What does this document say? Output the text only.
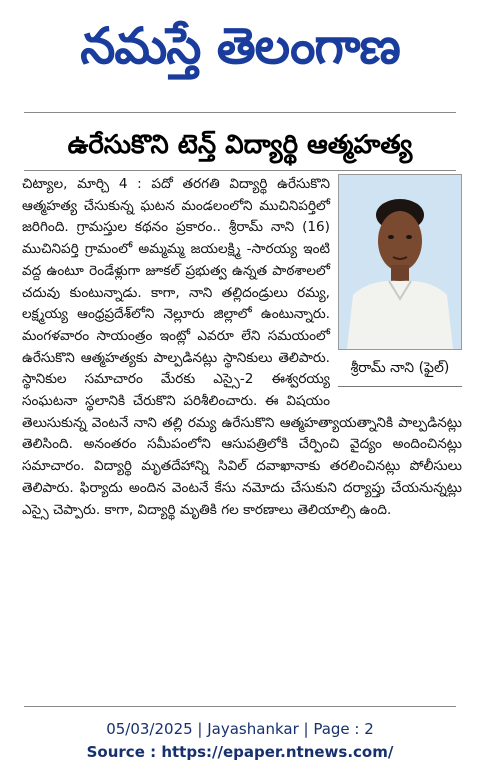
నమస్తే తెలంగాణ
ఉరేసుకొని టెన్త్ విద్యార్థి ఆత్మహత్య
శ్రీరామ్ నాని (ఫైల్)
చిట్యాల, మార్చి 4 : పదో తరగతి విద్యార్థి ఉరేసుకొని ఆత్మహత్య చేసుకున్న ఘటన మండలంలోని ముచినిపర్తిలో జరిగింది. గ్రామస్తుల కథనం ప్రకారం.. శ్రీరామ్ నాని (16) ముచినిపర్తి గ్రామంలో అమ్మమ్మ జయలక్ష్మి -సారయ్య ఇంటి వద్ద ఉంటూ రెండేళ్లుగా జూకల్ ప్రభుత్వ ఉన్నత పాఠశాలలో చదువు కుంటున్నాడు. కాగా, నాని తల్లిదండ్రులు రమ్య, లక్ష్మయ్య ఆంధ్రప్రదేశ్‌లోని నెల్లూరు జిల్లాలో ఉంటున్నారు. మంగళవారం సాయంత్రం ఇంట్లో ఎవరూ లేని సమయంలో ఉరేసుకొని ఆత్మహత్యకు పాల్పడినట్లు స్థానికులు తెలిపారు. స్థానికుల సమాచారం మేరకు ఎస్సై-2 ఈశ్వరయ్య సంఘటనా స్థలానికి చేరుకొని పరిశీలించారు. ఈ విషయం తెలుసుకున్న వెంటనే నాని తల్లి రమ్య ఉరేసుకొని ఆత్మహత్యాయత్నానికి పాల్పడినట్లు తెలిసింది. అనంతరం సమీపంలోని ఆసుపత్రిలోకి చేర్పించి వైద్యం అందించినట్లు సమాచారం. విద్యార్థి మృతదేహాన్ని సివిల్ దవాఖానాకు తరలించినట్లు పోలీసులు తెలిపారు. ఫిర్యాదు అందిన వెంటనే కేసు నమోదు చేసుకుని దర్యాప్తు చేయనున్నట్లు ఎస్సై చెప్పారు. కాగా, విద్యార్థి మృతికి గల కారణాలు తెలియాల్సి ఉంది.
05/03/2025 | Jayashankar | Page : 2
Source : https://epaper.ntnews.com/
